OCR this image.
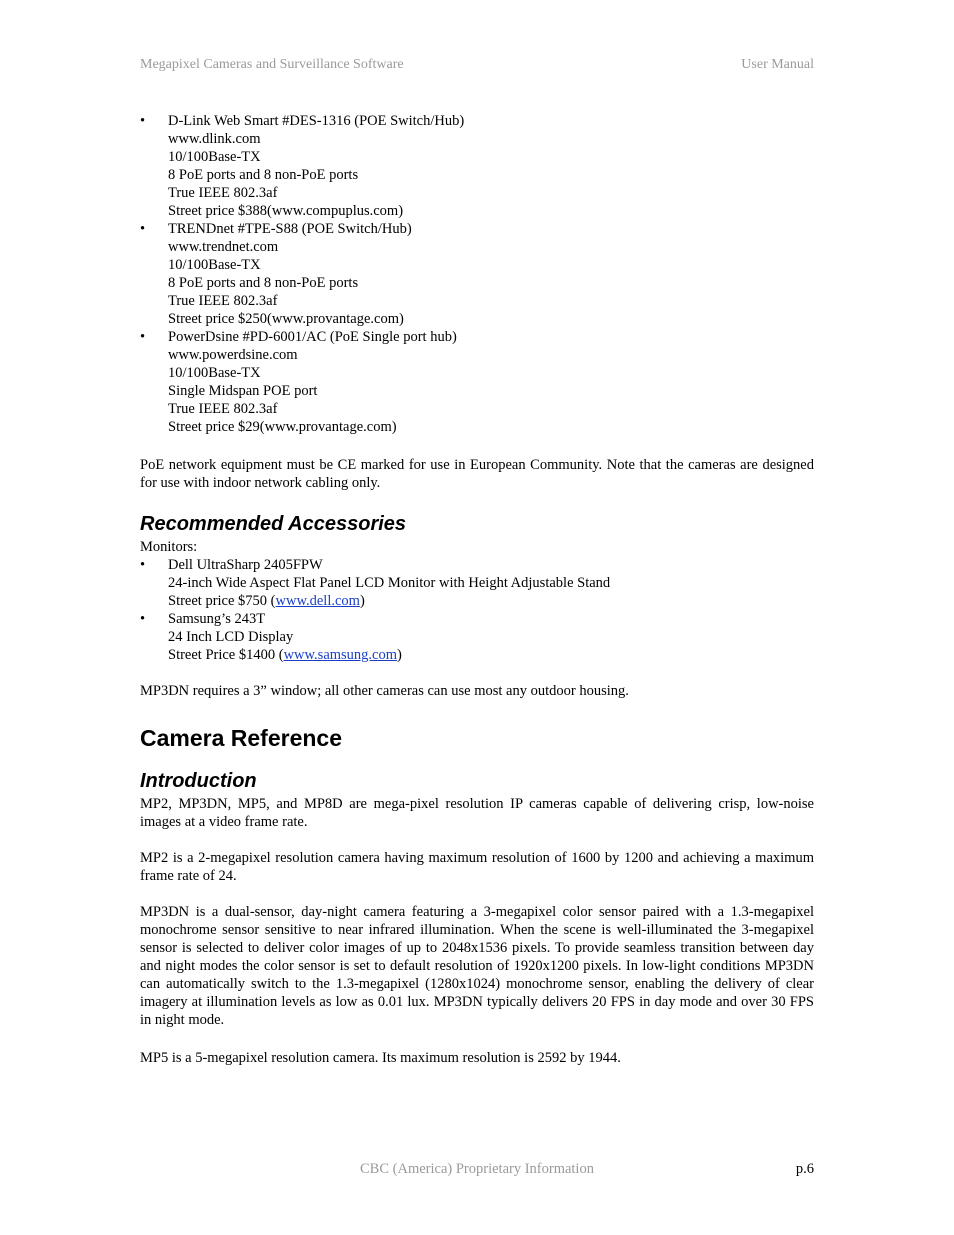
Megapixel Cameras and Surveillance Software	User Manual
• D-Link Web Smart #DES-1316 (POE Switch/Hub)
www.dlink.com
10/100Base-TX
8 PoE ports and 8 non-PoE ports
True IEEE 802.3af
Street price $388(www.compuplus.com)
• TRENDnet #TPE-S88 (POE Switch/Hub)
www.trendnet.com
10/100Base-TX
8 PoE ports and 8 non-PoE ports
True IEEE 802.3af
Street price $250(www.provantage.com)
• PowerDsine #PD-6001/AC (PoE Single port hub)
www.powerdsine.com
10/100Base-TX
Single Midspan POE port
True IEEE 802.3af
Street price $29(www.provantage.com)

PoE network equipment must be CE marked for use in European Community. Note that the cameras are designed for use with indoor network cabling only.

Recommended Accessories

Monitors:

• Dell UltraSharp 2405FPW
24-inch Wide Aspect Flat Panel LCD Monitor with Height Adjustable Stand
Street price $750 (www.dell.com)
• Samsung’s 243T
24 Inch LCD Display
Street Price $1400 (www.samsung.com)

MP3DN requires a 3” window; all other cameras can use most any outdoor housing.

Camera Reference
Introduction

MP2, MP3DN, MP5, and MP8D are mega-pixel resolution IP cameras capable of delivering crisp, low-noise images at a video frame rate.

MP2 is a 2-megapixel resolution camera having maximum resolution of 1600 by 1200 and achieving a maximum frame rate of 24.

MP3DN is a dual-sensor, day-night camera featuring a 3-megapixel color sensor paired with a 1.3-megapixel monochrome sensor sensitive to near infrared illumination. When the scene is well-illuminated the 3-megapixel sensor is selected to deliver color images of up to 2048x1536 pixels. To provide seamless transition between day and night modes the color sensor is set to default resolution of 1920x1200 pixels. In low-light conditions MP3DN can automatically switch to the 1.3-megapixel (1280x1024) monochrome sensor, enabling the delivery of clear imagery at illumination levels as low as 0.01 lux. MP3DN typically delivers 20 FPS in day mode and over 30 FPS in night mode.

MP5 is a 5-megapixel resolution camera. Its maximum resolution is 2592 by 1944.

CBC (America) Proprietary Information	p.6
